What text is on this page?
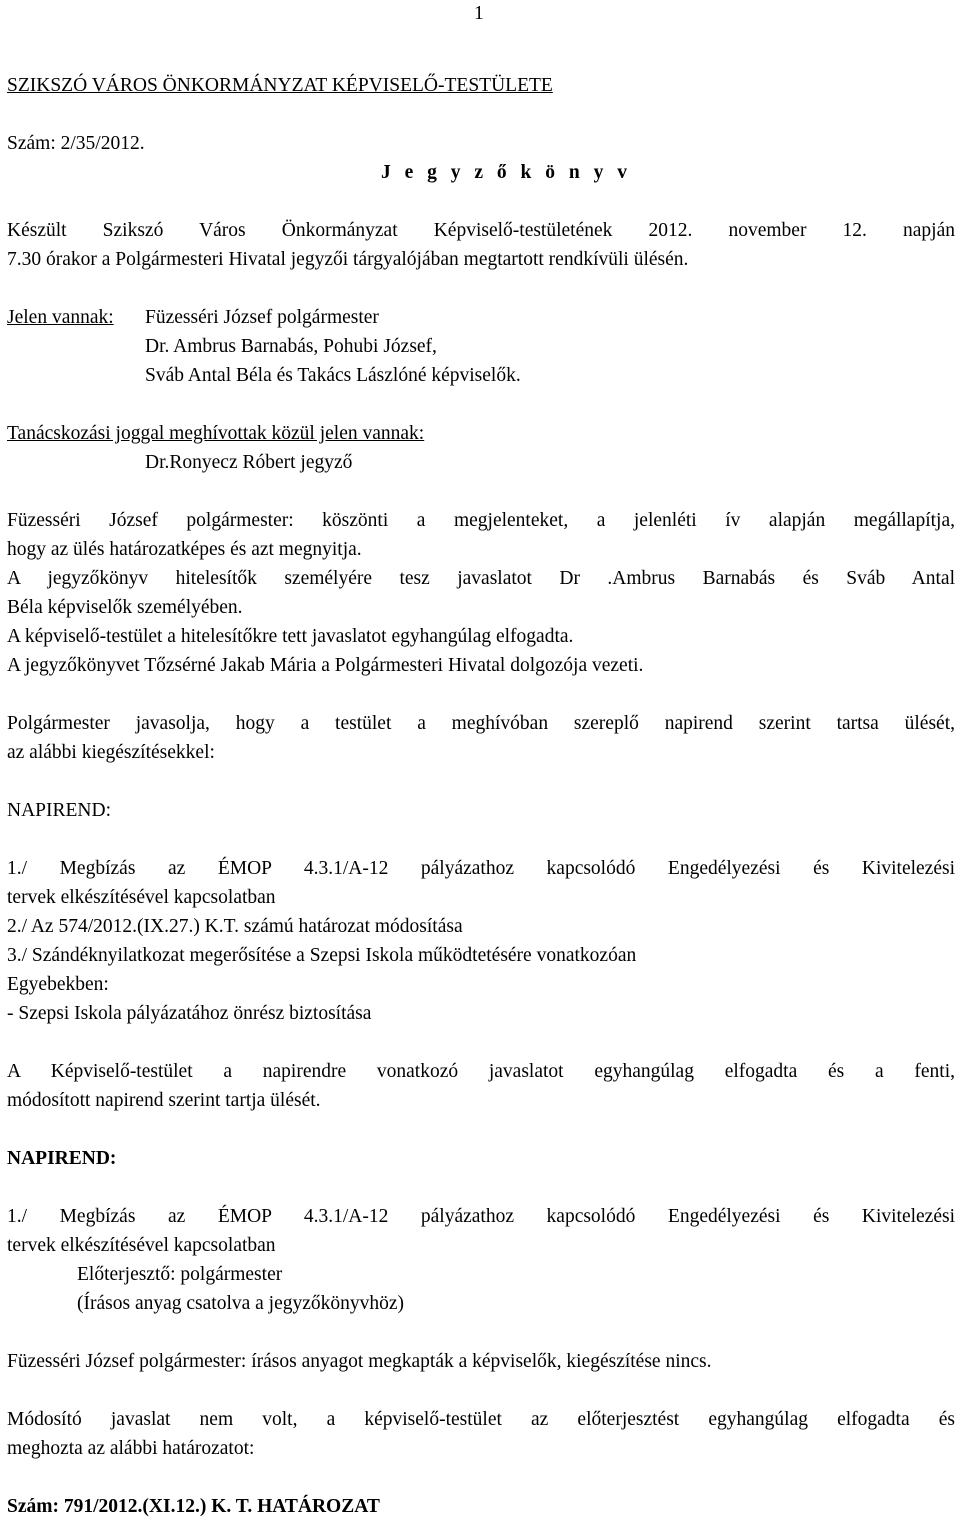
1
SZIKSZÓ VÁROS ÖNKORMÁNYZAT KÉPVISELŐ-TESTÜLETE
Szám: 2/35/2012.
J e g y z ő k ö n y v
Készült Szikszó Város Önkormányzat Képviselő-testületének 2012. november 12. napján
7.30 órakor a Polgármesteri Hivatal jegyzői tárgyalójában megtartott rendkívüli ülésén.
Jelen vannak: Füzesséri József polgármester
Dr. Ambrus Barnabás, Pohubi József,
Sváb Antal Béla és Takács Lászlóné képviselők.
Tanácskozási joggal meghívottak közül jelen vannak:
Dr.Ronyecz Róbert jegyző
Füzesséri József polgármester: köszönti a megjelenteket, a jelenléti ív alapján megállapítja,
hogy az ülés határozatképes és azt megnyitja.
A jegyzőkönyv hitelesítők személyére tesz javaslatot Dr .Ambrus Barnabás és Sváb Antal
Béla képviselők személyében.
A képviselő-testület a hitelesítőkre tett javaslatot egyhangúlag elfogadta.
A jegyzőkönyvet Tőzsérné Jakab Mária a Polgármesteri Hivatal dolgozója vezeti.
Polgármester javasolja, hogy a testület a meghívóban szereplő napirend szerint tartsa ülését,
az alábbi kiegészítésekkel:
NAPIREND:
1./ Megbízás az ÉMOP 4.3.1/A-12 pályázathoz kapcsolódó Engedélyezési és Kivitelezési
tervek elkészítésével kapcsolatban
2./ Az 574/2012.(IX.27.) K.T. számú határozat módosítása
3./ Szándéknyilatkozat megerősítése a Szepsi Iskola működtetésére vonatkozóan
Egyebekben:
- Szepsi Iskola pályázatához önrész biztosítása
A Képviselő-testület a napirendre vonatkozó javaslatot egyhangúlag elfogadta és a fenti,
módosított napirend szerint tartja ülését.
NAPIREND:
1./ Megbízás az ÉMOP 4.3.1/A-12 pályázathoz kapcsolódó Engedélyezési és Kivitelezési
tervek elkészítésével kapcsolatban
Előterjesztő: polgármester
(Írásos anyag csatolva a jegyzőkönyvhöz)
Füzesséri József polgármester: írásos anyagot megkapták a képviselők, kiegészítése nincs.
Módosító javaslat nem volt, a képviselő-testület az előterjesztést egyhangúlag elfogadta és
meghozta az alábbi határozatot:
Szám: 791/2012.(XI.12.) K. T. HATÁROZAT
